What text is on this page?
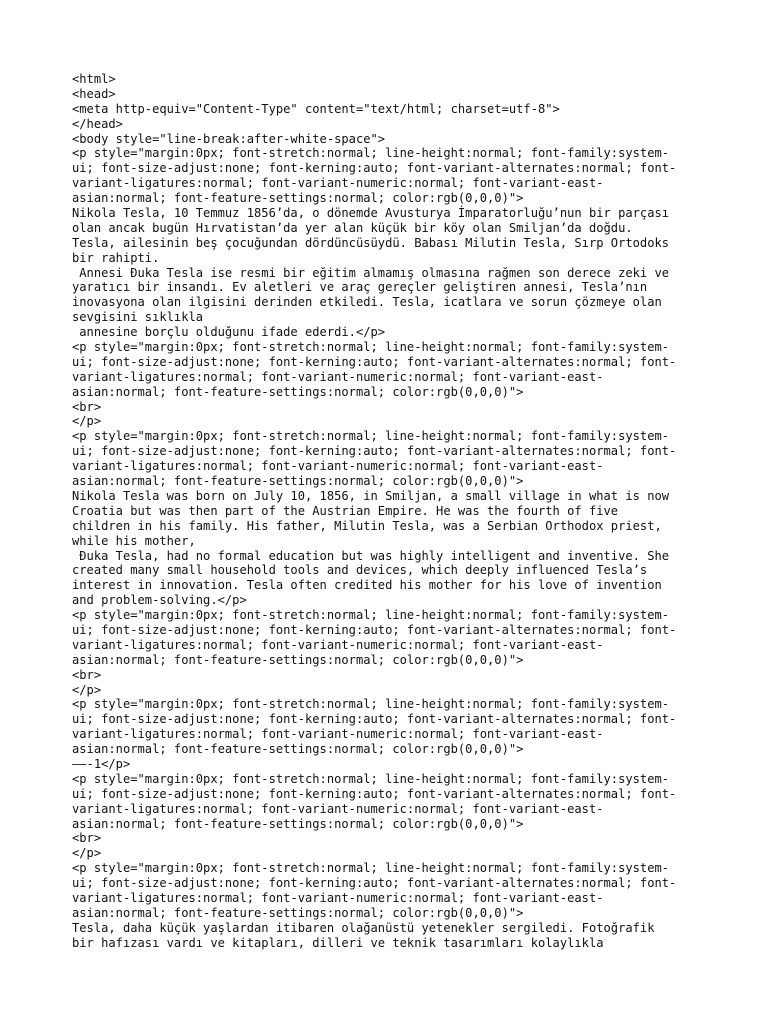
<html>
<head>
<meta http-equiv="Content-Type" content="text/html; charset=utf-8">
</head>
<body style="line-break:after-white-space">
<p style="margin:0px; font-stretch:normal; line-height:normal; font-family:system-
ui; font-size-adjust:none; font-kerning:auto; font-variant-alternates:normal; font-
variant-ligatures:normal; font-variant-numeric:normal; font-variant-east-
asian:normal; font-feature-settings:normal; color:rgb(0,0,0)">
Nikola Tesla, 10 Temmuz 1856’da, o dönemde Avusturya İmparatorluğu’nun bir parçası
olan ancak bugün Hırvatistan’da yer alan küçük bir köy olan Smiljan’da doğdu.
Tesla, ailesinin beş çocuğundan dördüncüsüydü. Babası Milutin Tesla, Sırp Ortodoks
bir rahipti.
Annesi Đuka Tesla ise resmi bir eğitim almamış olmasına rağmen son derece zeki ve
yaratıcı bir insandı. Ev aletleri ve araç gereçler geliştiren annesi, Tesla’nın
inovasyona olan ilgisini derinden etkiledi. Tesla, icatlara ve sorun çözmeye olan
sevgisini sıklıkla
annesine borçlu olduğunu ifade ederdi.</p>
<p style="margin:0px; font-stretch:normal; line-height:normal; font-family:system-
ui; font-size-adjust:none; font-kerning:auto; font-variant-alternates:normal; font-
variant-ligatures:normal; font-variant-numeric:normal; font-variant-east-
asian:normal; font-feature-settings:normal; color:rgb(0,0,0)">
<br>
</p>
<p style="margin:0px; font-stretch:normal; line-height:normal; font-family:system-
ui; font-size-adjust:none; font-kerning:auto; font-variant-alternates:normal; font-
variant-ligatures:normal; font-variant-numeric:normal; font-variant-east-
asian:normal; font-feature-settings:normal; color:rgb(0,0,0)">
Nikola Tesla was born on July 10, 1856, in Smiljan, a small village in what is now
Croatia but was then part of the Austrian Empire. He was the fourth of five
children in his family. His father, Milutin Tesla, was a Serbian Orthodox priest,
while his mother,
Đuka Tesla, had no formal education but was highly intelligent and inventive. She
created many small household tools and devices, which deeply influenced Tesla’s
interest in innovation. Tesla often credited his mother for his love of invention
and problem-solving.</p>
<p style="margin:0px; font-stretch:normal; line-height:normal; font-family:system-
ui; font-size-adjust:none; font-kerning:auto; font-variant-alternates:normal; font-
variant-ligatures:normal; font-variant-numeric:normal; font-variant-east-
asian:normal; font-feature-settings:normal; color:rgb(0,0,0)">
<br>
</p>
<p style="margin:0px; font-stretch:normal; line-height:normal; font-family:system-
ui; font-size-adjust:none; font-kerning:auto; font-variant-alternates:normal; font-
variant-ligatures:normal; font-variant-numeric:normal; font-variant-east-
asian:normal; font-feature-settings:normal; color:rgb(0,0,0)">
——-1</p>
<p style="margin:0px; font-stretch:normal; line-height:normal; font-family:system-
ui; font-size-adjust:none; font-kerning:auto; font-variant-alternates:normal; font-
variant-ligatures:normal; font-variant-numeric:normal; font-variant-east-
asian:normal; font-feature-settings:normal; color:rgb(0,0,0)">
<br>
</p>
<p style="margin:0px; font-stretch:normal; line-height:normal; font-family:system-
ui; font-size-adjust:none; font-kerning:auto; font-variant-alternates:normal; font-
variant-ligatures:normal; font-variant-numeric:normal; font-variant-east-
asian:normal; font-feature-settings:normal; color:rgb(0,0,0)">
Tesla, daha küçük yaşlardan itibaren olağanüstü yetenekler sergiledi. Fotoğrafik
bir hafızası vardı ve kitapları, dilleri ve teknik tasarımları kolaylıkla
